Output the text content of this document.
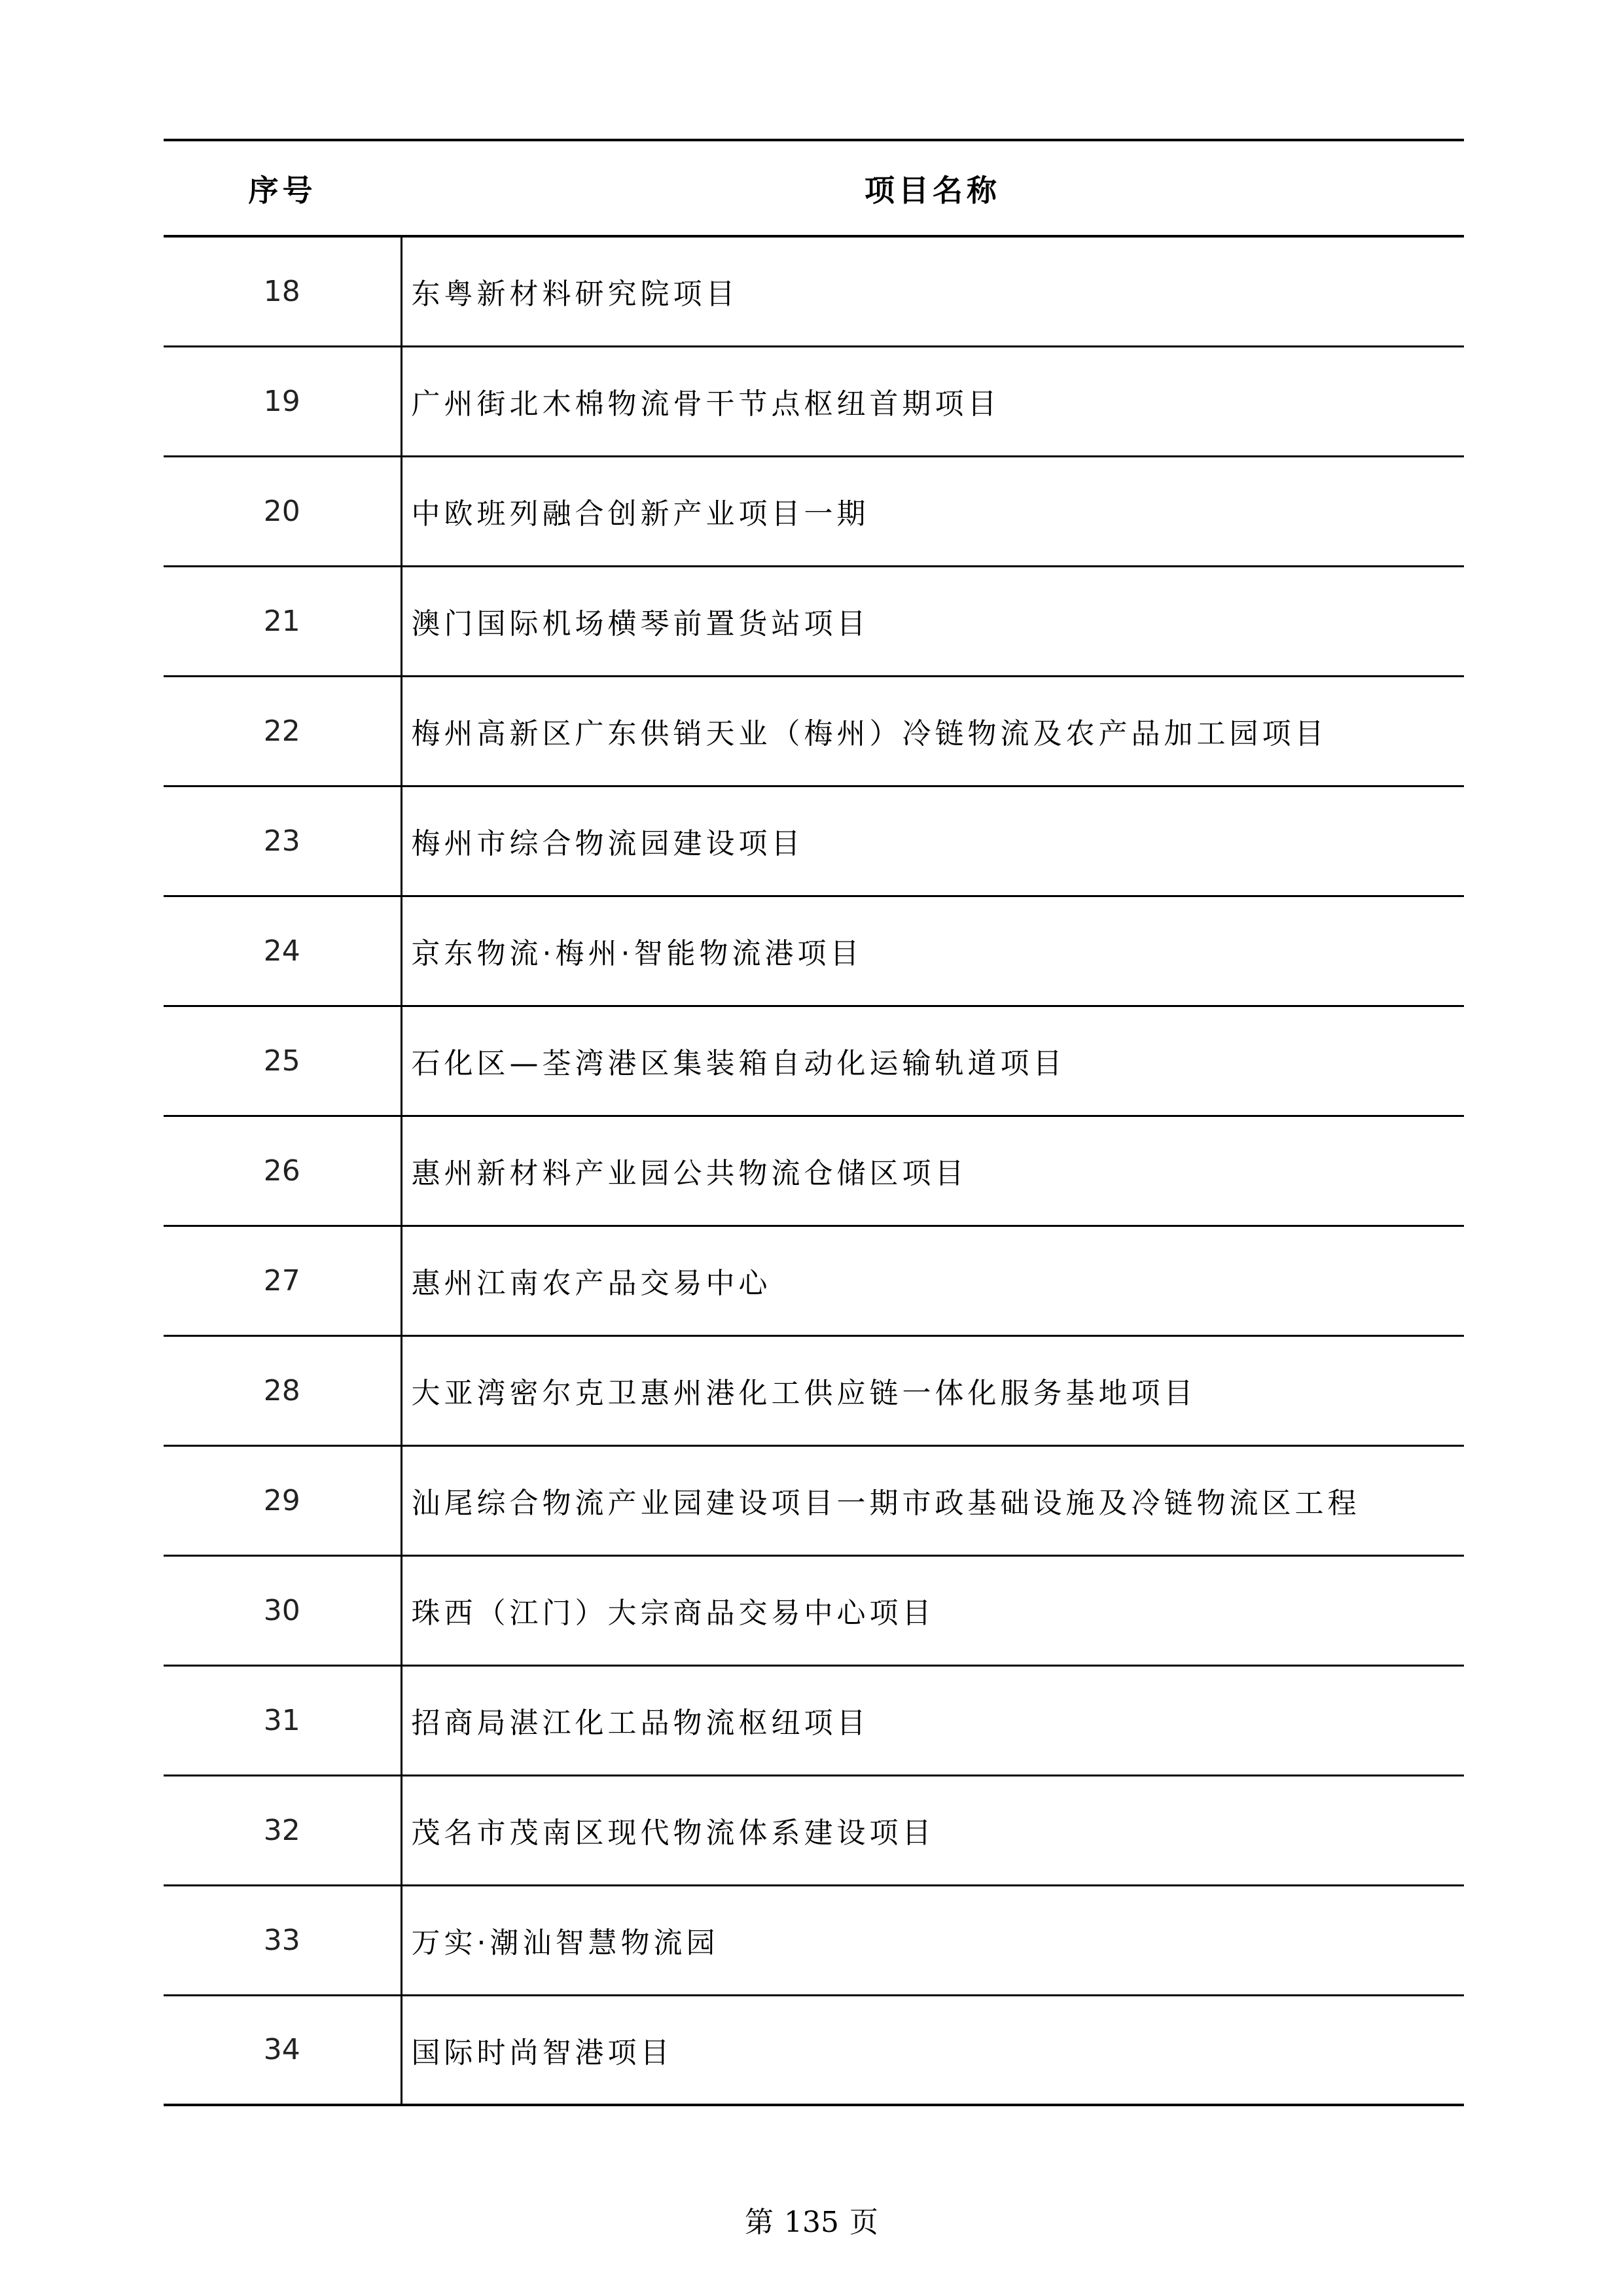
序号	项目名称
18	东粤新材料研究院项目
19	广州街北木棉物流骨干节点枢纽首期项目
20	中欧班列融合创新产业项目一期
21	澳门国际机场横琴前置货站项目
22	梅州高新区广东供销天业（梅州）冷链物流及农产品加工园项目
23	梅州市综合物流园建设项目
24	京东物流·梅州·智能物流港项目
25	石化区—荃湾港区集装箱自动化运输轨道项目
26	惠州新材料产业园公共物流仓储区项目
27	惠州江南农产品交易中心
28	大亚湾密尔克卫惠州港化工供应链一体化服务基地项目
29	汕尾综合物流产业园建设项目一期市政基础设施及冷链物流区工程
30	珠西（江门）大宗商品交易中心项目
31	招商局湛江化工品物流枢纽项目
32	茂名市茂南区现代物流体系建设项目
33	万实·潮汕智慧物流园
34	国际时尚智港项目
第 135 页
